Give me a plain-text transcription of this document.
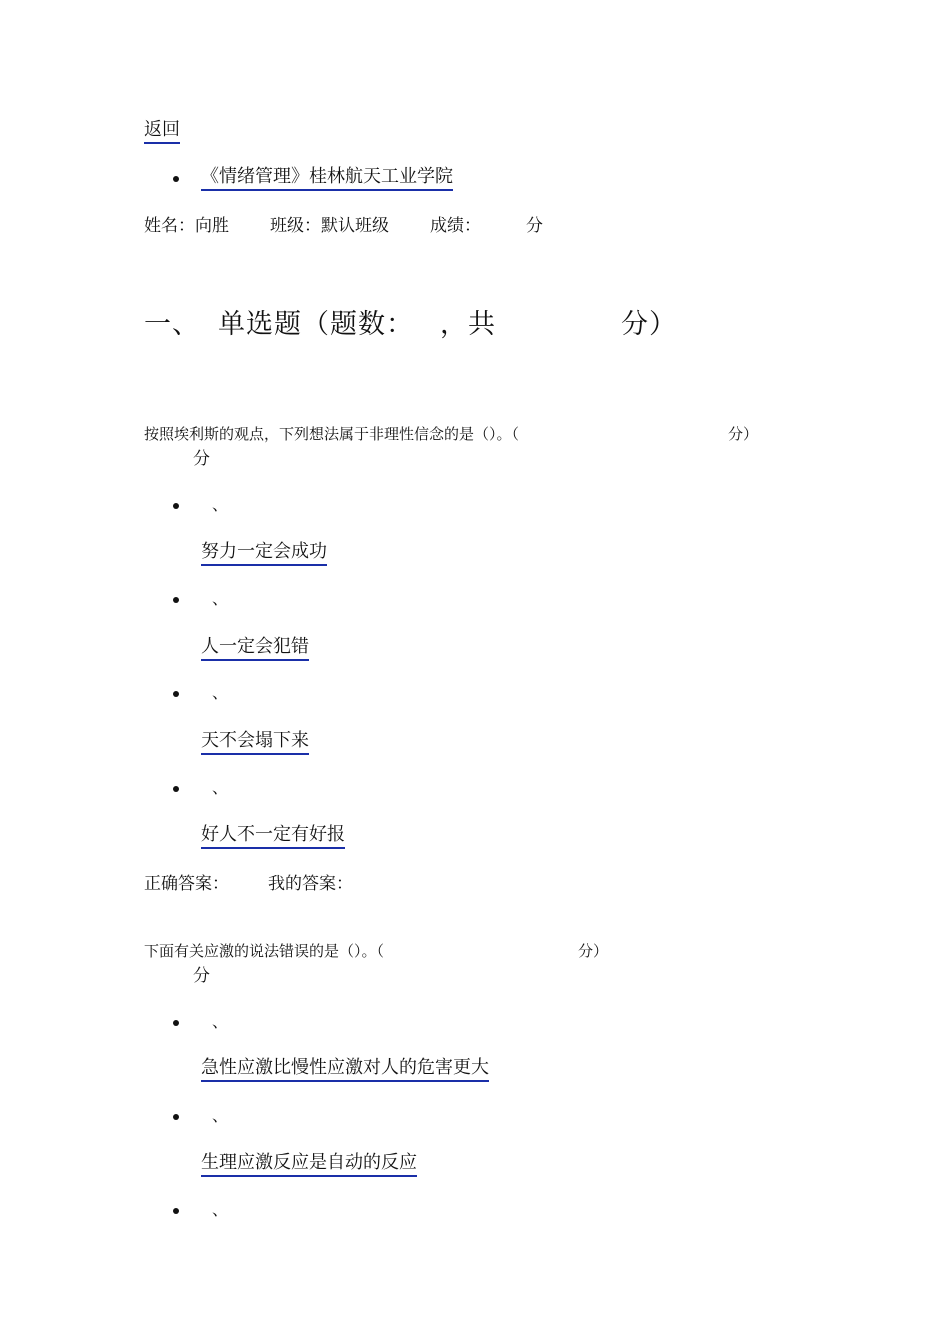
返回
《情绪管理》桂林航天工业学院
姓名：向胜 班级：默认班级 成绩：	分
一、 单选题（题数： ，共	分）
按照埃利斯的观点，下列想法属于非理性信念的是（）。（	分）
分
、
努力一定会成功
、
人一定会犯错
、
天不会塌下来
、
好人不一定有好报
正确答案： 我的答案：
下面有关应激的说法错误的是（）。（	分）
分
、
急性应激比慢性应激对人的危害更大
、
生理应激反应是自动的反应
、
